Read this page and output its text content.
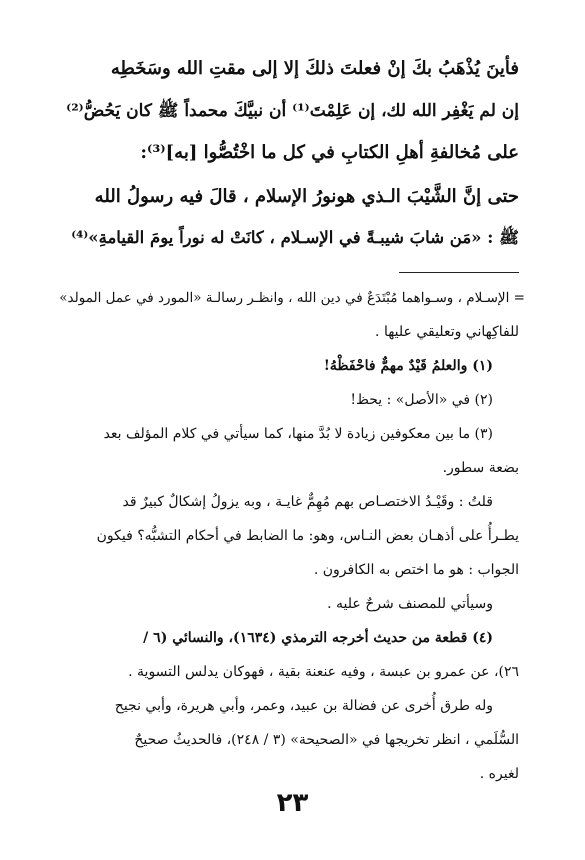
فأينَ يُذْهَبُ بكَ إنْ فعلتَ ذلكَ إلا إلى مقتِ الله وسَخَطِه
إن لم يَغْفِر الله لك، إن عَلِمْتَ⁽¹⁾ أن نبيَّكَ محمداً ﷺ كان يَحُضُّ⁽²⁾
على مُخالفةِ أهلِ الكتابِ في كل ما اخْتُصُّوا [به]⁽³⁾:
حتى إنَّ الشَّيْبَ الـذي هونورُ الإسلام ، قالَ فيه رسولُ الله
ﷺ : «مَن شابَ شيبـةً في الإسـلام ، كانَتْ له نوراً يومَ القيامةِ»⁽⁴⁾
= الإسـلام ، وسـواهما مُبْتَدَعٌ في دين الله ، وانظـر رسالـة «المورد في عمل المولد»
للفاكِهاني وتعليقي عليها .
(١) والعلمُ قَيْدٌ مهمٌّ فاحْفَظْهُ!
(٢) في «الأصل» : يحظ!
(٣) ما بين معكوفين زيادة لا بُدَّ منها، كما سيأتي في كلام المؤلف بعد
بضعة سطور.
قلتُ : وقَيْـدُ الاختصـاص بهم مُهِمٌّ غايـة ، وبه يزولُ إشكالٌ كبيرٌ قد
يطـرأُ على أذهـان بعض النـاس، وهو: ما الضابط في أحكام التشبُّه؟ فيكون
الجواب : هو ما اختص به الكافرون .
وسيأتي للمصنف شرحٌ عليه .
(٤) قطعة من حديث أخرجه الترمذي (١٦٣٤)، والنسائي (٦ /
٢٦)، عن عمرو بن عبسة ، وفيه عنعنة بقية ، فهوكان يدلس التسوية .
وله طرق أُخرى عن فضالة بن عبيد، وعمر، وأبي هريرة، وأبي نجيح
السُّلَمي ، انظر تخريجها في «الصحيحة» (٣ / ٢٤٨)، فالحديثُ صحيحٌ
لغيره .
٢٣
